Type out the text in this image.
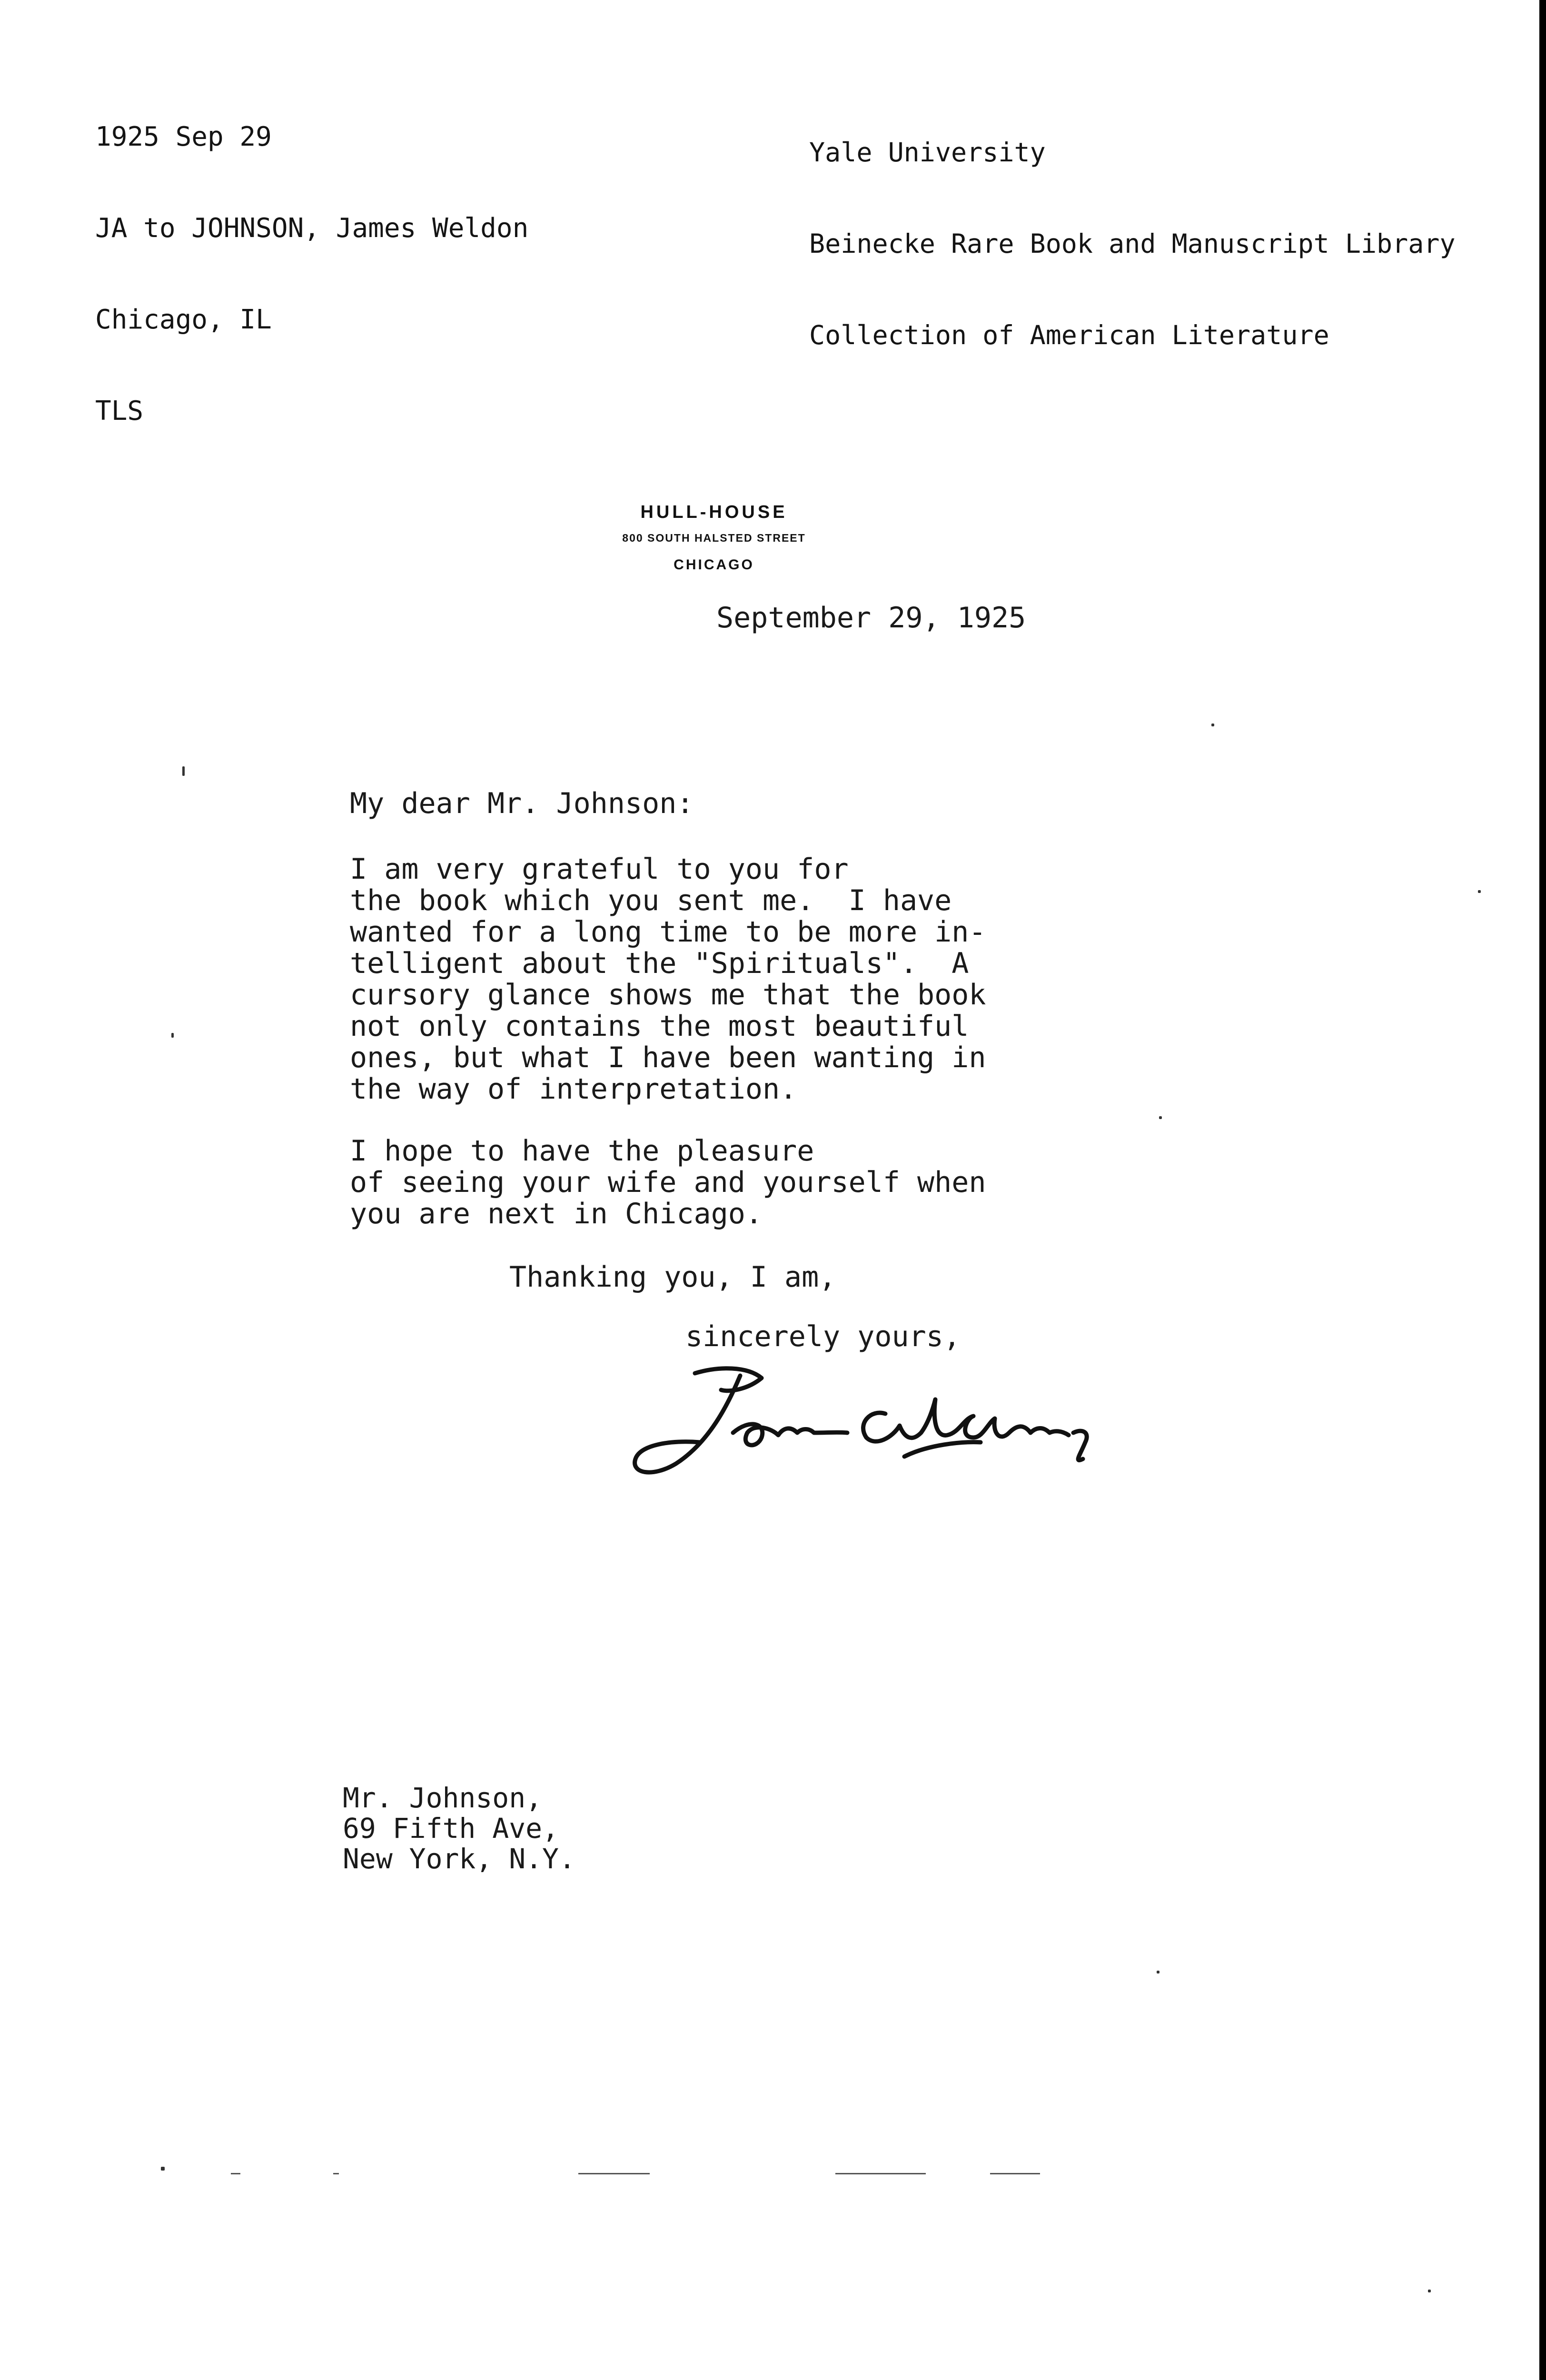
1925 Sep 29

JA to JOHNSON, James Weldon

Chicago, IL

TLS

Yale University

Beinecke Rare Book and Manuscript Library

Collection of American Literature

HULL-HOUSE
800 SOUTH HALSTED STREET
CHICAGO
September 29, 1925
My dear Mr. Johnson:
I am very grateful to you for
the book which you sent me.  I have
wanted for a long time to be more in-
telligent about the "Spirituals".  A
cursory glance shows me that the book
not only contains the most beautiful
ones, but what I have been wanting in
the way of interpretation.
I hope to have the pleasure
of seeing your wife and yourself when
you are next in Chicago.
Thanking you, I am,
sincerely yours,
Mr. Johnson,
69 Fifth Ave,
New York, N.Y.
